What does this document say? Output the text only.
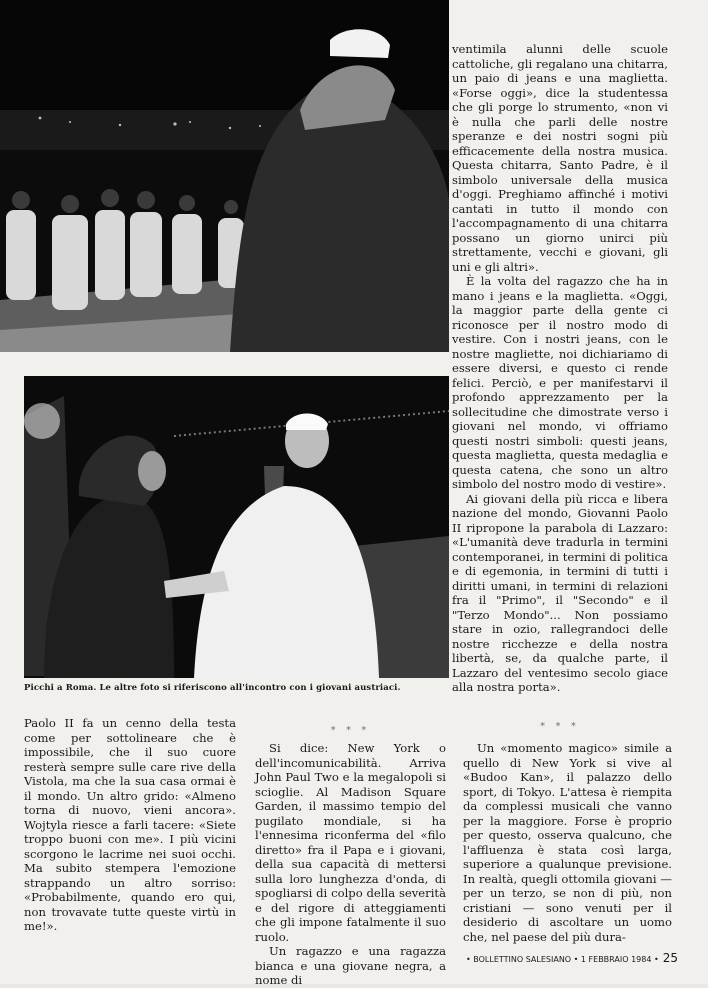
Picchi a Roma. Le altre foto si riferiscono all'incontro con i giovani austriaci.

ventimila alunni delle scuole cattoliche, gli regalano una chitarra, un paio di jeans e una maglietta. «Forse oggi», dice la studentessa che gli porge lo strumento, «non vi è nulla che parli delle nostre speranze e dei nostri sogni più efficacemente della nostra musica. Questa chitarra, Santo Padre, è il simbolo universale della musica d'oggi. Preghiamo affinché i motivi cantati in tutto il mondo con l'accompagnamento di una chitarra possano un giorno unirci più strettamente, vecchi e giovani, gli uni e gli altri».

È la volta del ragazzo che ha in mano i jeans e la maglietta. «Oggi, la maggior parte della gente ci riconosce per il nostro modo di vestire. Con i nostri jeans, con le nostre magliette, noi dichiariamo di essere diversi, e questo ci rende felici. Perciò, e per manifestarvi il profondo apprezzamento per la sollecitudine che dimostrate verso i giovani nel mondo, vi offriamo questi nostri simboli: questi jeans, questa maglietta, questa medaglia e questa catena, che sono un altro simbolo del nostro modo di vestire».

Ai giovani della più ricca e libera nazione del mondo, Giovanni Paolo II ripropone la parabola di Lazzaro: «L'umanità deve tradurla in termini contemporanei, in termini di politica e di egemonia, in termini di tutti i diritti umani, in termini di relazioni fra il "Primo", il "Secondo" e il "Terzo Mondo"... Non possiamo stare in ozio, rallegrandoci delle nostre ricchezze e della nostra libertà, se, da qualche parte, il Lazzaro del ventesimo secolo giace alla nostra porta».

Paolo II fa un cenno della testa come per sottolineare che è impossibile, che il suo cuore resterà sempre sulle care rive della Vistola, ma che la sua casa ormai è il mondo. Un altro grido: «Almeno torna di nuovo, vieni ancora». Wojtyla riesce a farli tacere: «Siete troppo buoni con me». I più vicini scorgono le lacrime nei suoi occhi. Ma subito stempera l'emozione strappando un altro sorriso: «Probabilmente, quando ero qui, non trovavate tutte queste virtù in me!».

* * *

Si dice: New York o dell'incomunicabilità. Arriva John Paul Two e la megalopoli si scioglie. Al Madison Square Garden, il massimo tempio del pugilato mondiale, si ha l'ennesima riconferma del «filo diretto» fra il Papa e i giovani, della sua capacità di mettersi sulla loro lunghezza d'onda, di spogliarsi di colpo della severità e del rigore di atteggiamenti che gli impone fatalmente il suo ruolo.

Un ragazzo e una ragazza bianca e una giovane negra, a nome di

* * *

Un «momento magico» simile a quello di New York si vive al «Budoo Kan», il palazzo dello sport, di Tokyo. L'attesa è riempita da complessi musicali che vanno per la maggiore. Forse è proprio per questo, osserva qualcuno, che l'affluenza è stata così larga, superiore a qualunque previsione. In realtà, quegli ottomila giovani — per un terzo, se non di più, non cristiani — sono venuti per il desiderio di ascoltare un uomo che, nel paese del più dura-

• BOLLETTINO SALESIANO • 1 FEBBRAIO 1984 • 25
